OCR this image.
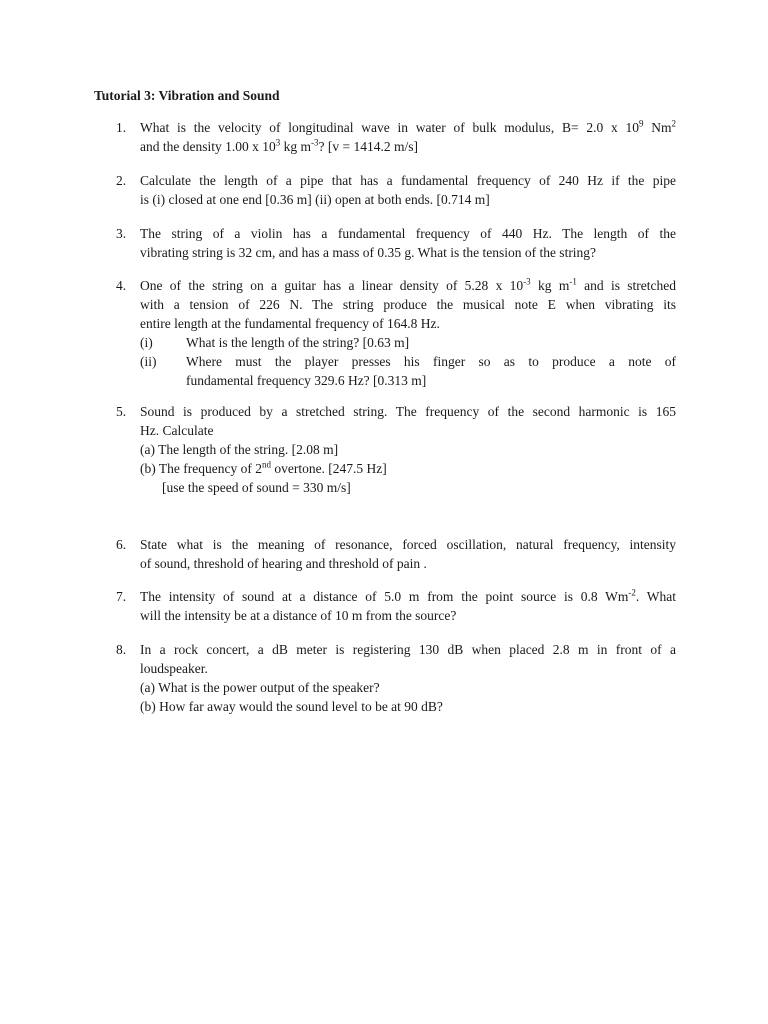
Tutorial 3: Vibration and Sound
1. What is the velocity of longitudinal wave in water of bulk modulus, B= 2.0 x $10^9$ Nm$^2$
and the density 1.00 x $10^3$ kg $m^{-3}$? [v = 1414.2 m/s]
2. Calculate the length of a pipe that has a fundamental frequency of 240 Hz if the pipe
is (i) closed at one end [0.36 m] (ii) open at both ends. [0.714 m]
3. The string of a violin has a fundamental frequency of 440 Hz. The length of the
vibrating string is 32 cm, and has a mass of 0.35 g. What is the tension of the string?
4. One of the string on a guitar has a linear density of 5.28 x $10^{-3}$ kg $m^{-1}$ and is stretched
with a tension of 226 N. The string produce the musical note E when vibrating its
entire length at the fundamental frequency of 164.8 Hz.
(i) What is the length of the string? [0.63 m]
(ii)	Where must the player presses his finger so as to produce a note of
fundamental frequency 329.6 Hz? [0.313 m]
5. Sound is produced by a stretched string. The frequency of the second harmonic is 165
Hz. Calculate
(a) The length of the string. [2.08 m]
(b) The frequency of 2nd overtone. [247.5 Hz]
[use the speed of sound = 330 m/s]
6. State what is the meaning of resonance, forced oscillation, natural frequency, intensity
of sound, threshold of hearing and threshold of pain .
7. The intensity of sound at a distance of 5.0 m from the point source is 0.8 $Wm^{-2}$. What
will the intensity be at a distance of 10 m from the source?
8. In a rock concert, a dB meter is registering 130 dB when placed 2.8 m in front of a
loudspeaker.
(a) What is the power output of the speaker?
(b) How far away would the sound level to be at 90 dB?
